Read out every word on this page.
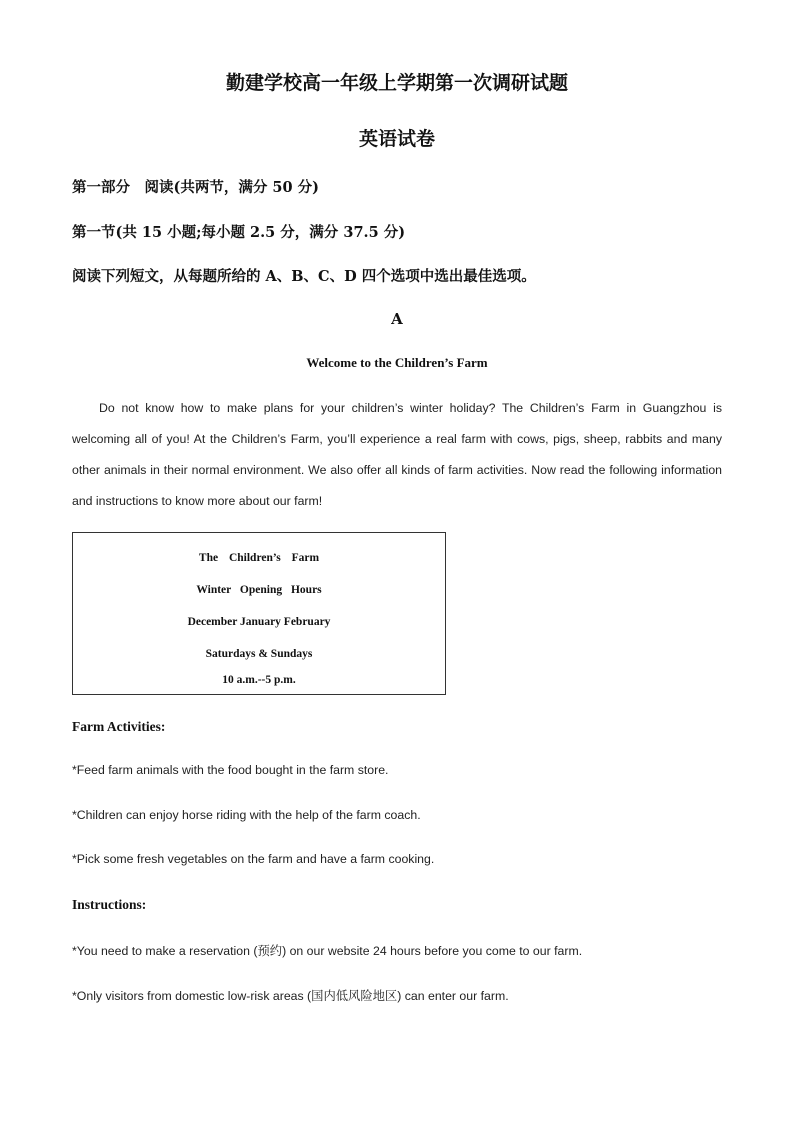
勤建学校高一年级上学期第一次调研试题
英语试卷

第一部分　阅读(共两节，满分 50 分)

第一节(共 15 小题;每小题 2.5 分，满分 37.5 分)

阅读下列短文，从每题所给的 A、B、C、D 四个选项中选出最佳选项。

A

Welcome to the Children’s Farm

Do not know how to make plans for your children’s winter holiday? The Children’s Farm in Guangzhou is welcoming all of you! At the Children’s Farm, you’ll experience a real farm with cows, pigs, sheep, rabbits and many other animals in their normal environment. We also offer all kinds of farm activities. Now read the following information and instructions to know more about our farm!

The Children’s Farm

Winter Opening Hours

December January February

Saturdays & Sundays

10 a.m.--5 p.m.

Farm Activities:

*Feed farm animals with the food bought in the farm store.

*Children can enjoy horse riding with the help of the farm coach.

*Pick some fresh vegetables on the farm and have a farm cooking.

Instructions:

*You need to make a reservation (预约) on our website 24 hours before you come to our farm.

*Only visitors from domestic low-risk areas (国内低风险地区) can enter our farm.
